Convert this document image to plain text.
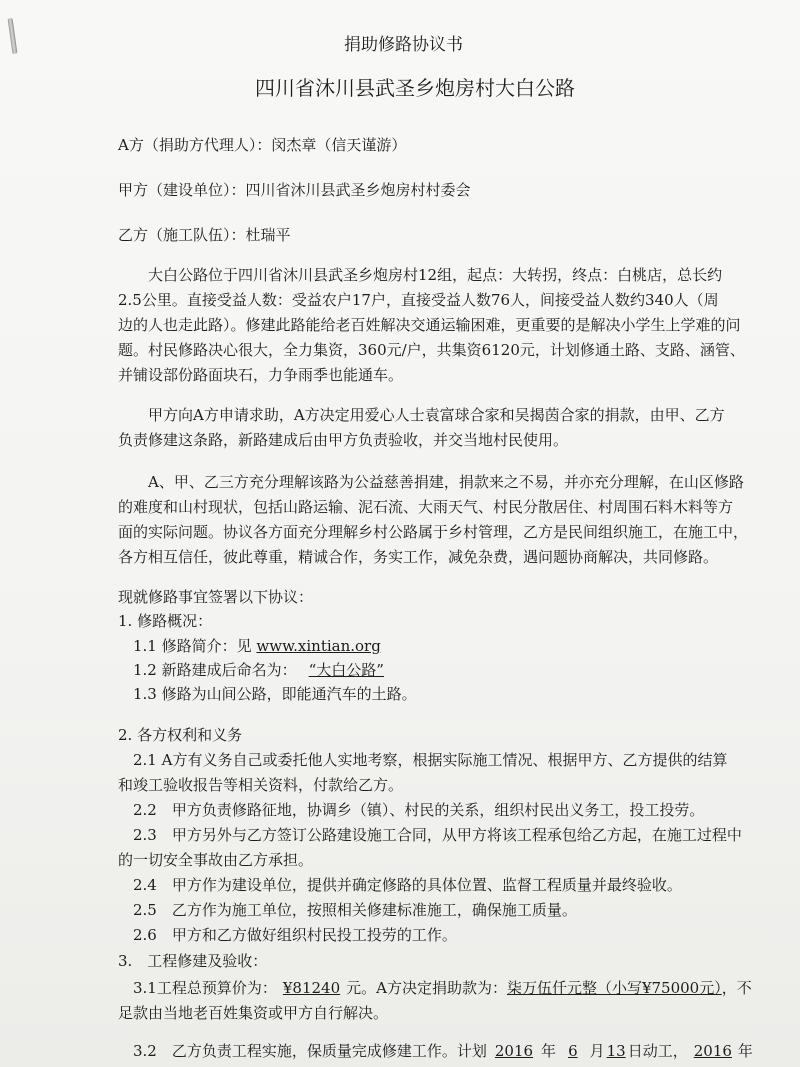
捐助修路协议书
四川省沐川县武圣乡炮房村大白公路
A方（捐助方代理人）：闵杰章（信天谨游）
甲方（建设单位）：四川省沐川县武圣乡炮房村村委会
乙方（施工队伍）：杜瑞平
大白公路位于四川省沐川县武圣乡炮房村12组，起点：大转拐，终点：白桃店，总长约
2.5公里。直接受益人数：受益农户17户，直接受益人数76人，间接受益人数约340人（周
边的人也走此路）。修建此路能给老百姓解决交通运输困难，更重要的是解决小学生上学难的问
题。村民修路决心很大，全力集资，360元/户，共集资6120元，计划修通土路、支路、涵管、
并铺设部份路面块石，力争雨季也能通车。
甲方向A方申请求助，A方决定用爱心人士袁富球合家和吴揭茵合家的捐款，由甲、乙方
负责修建这条路，新路建成后由甲方负责验收，并交当地村民使用。
A、甲、乙三方充分理解该路为公益慈善捐建，捐款来之不易，并亦充分理解，在山区修路
的难度和山村现状，包括山路运输、泥石流、大雨天气、村民分散居住、村周围石料木料等方
面的实际问题。协议各方面充分理解乡村公路属于乡村管理，乙方是民间组织施工，在施工中，
各方相互信任，彼此尊重，精诚合作，务实工作，减免杂费，遇问题协商解决，共同修路。
现就修路事宜签署以下协议：
1. 修路概况：
1.1 修路简介：见 www.xintian.org
1.2 新路建成后命名为： “大白公路”
1.3 修路为山间公路，即能通汽车的土路。
2. 各方权利和义务
2.1 A方有义务自己或委托他人实地考察，根据实际施工情况、根据甲方、乙方提供的结算
和竣工验收报告等相关资料，付款给乙方。
2.2　甲方负责修路征地，协调乡（镇）、村民的关系，组织村民出义务工，投工投劳。
2.3　甲方另外与乙方签订公路建设施工合同，从甲方将该工程承包给乙方起，在施工过程中
的一切安全事故由乙方承担。
2.4　甲方作为建设单位，提供并确定修路的具体位置、监督工程质量并最终验收。
2.5　乙方作为施工单位，按照相关修建标准施工，确保施工质量。
2.6　甲方和乙方做好组织村民投工投劳的工作。
3.　工程修建及验收：
3.1工程总预算价为： ¥81240 元。A方决定捐助款为：柒万伍仟元整（小写¥75000元），不
足款由当地老百姓集资或甲方自行解决。
3.2　乙方负责工程实施，保质量完成修建工作。计划 2016 年 6 月 13 日动工， 2016 年
